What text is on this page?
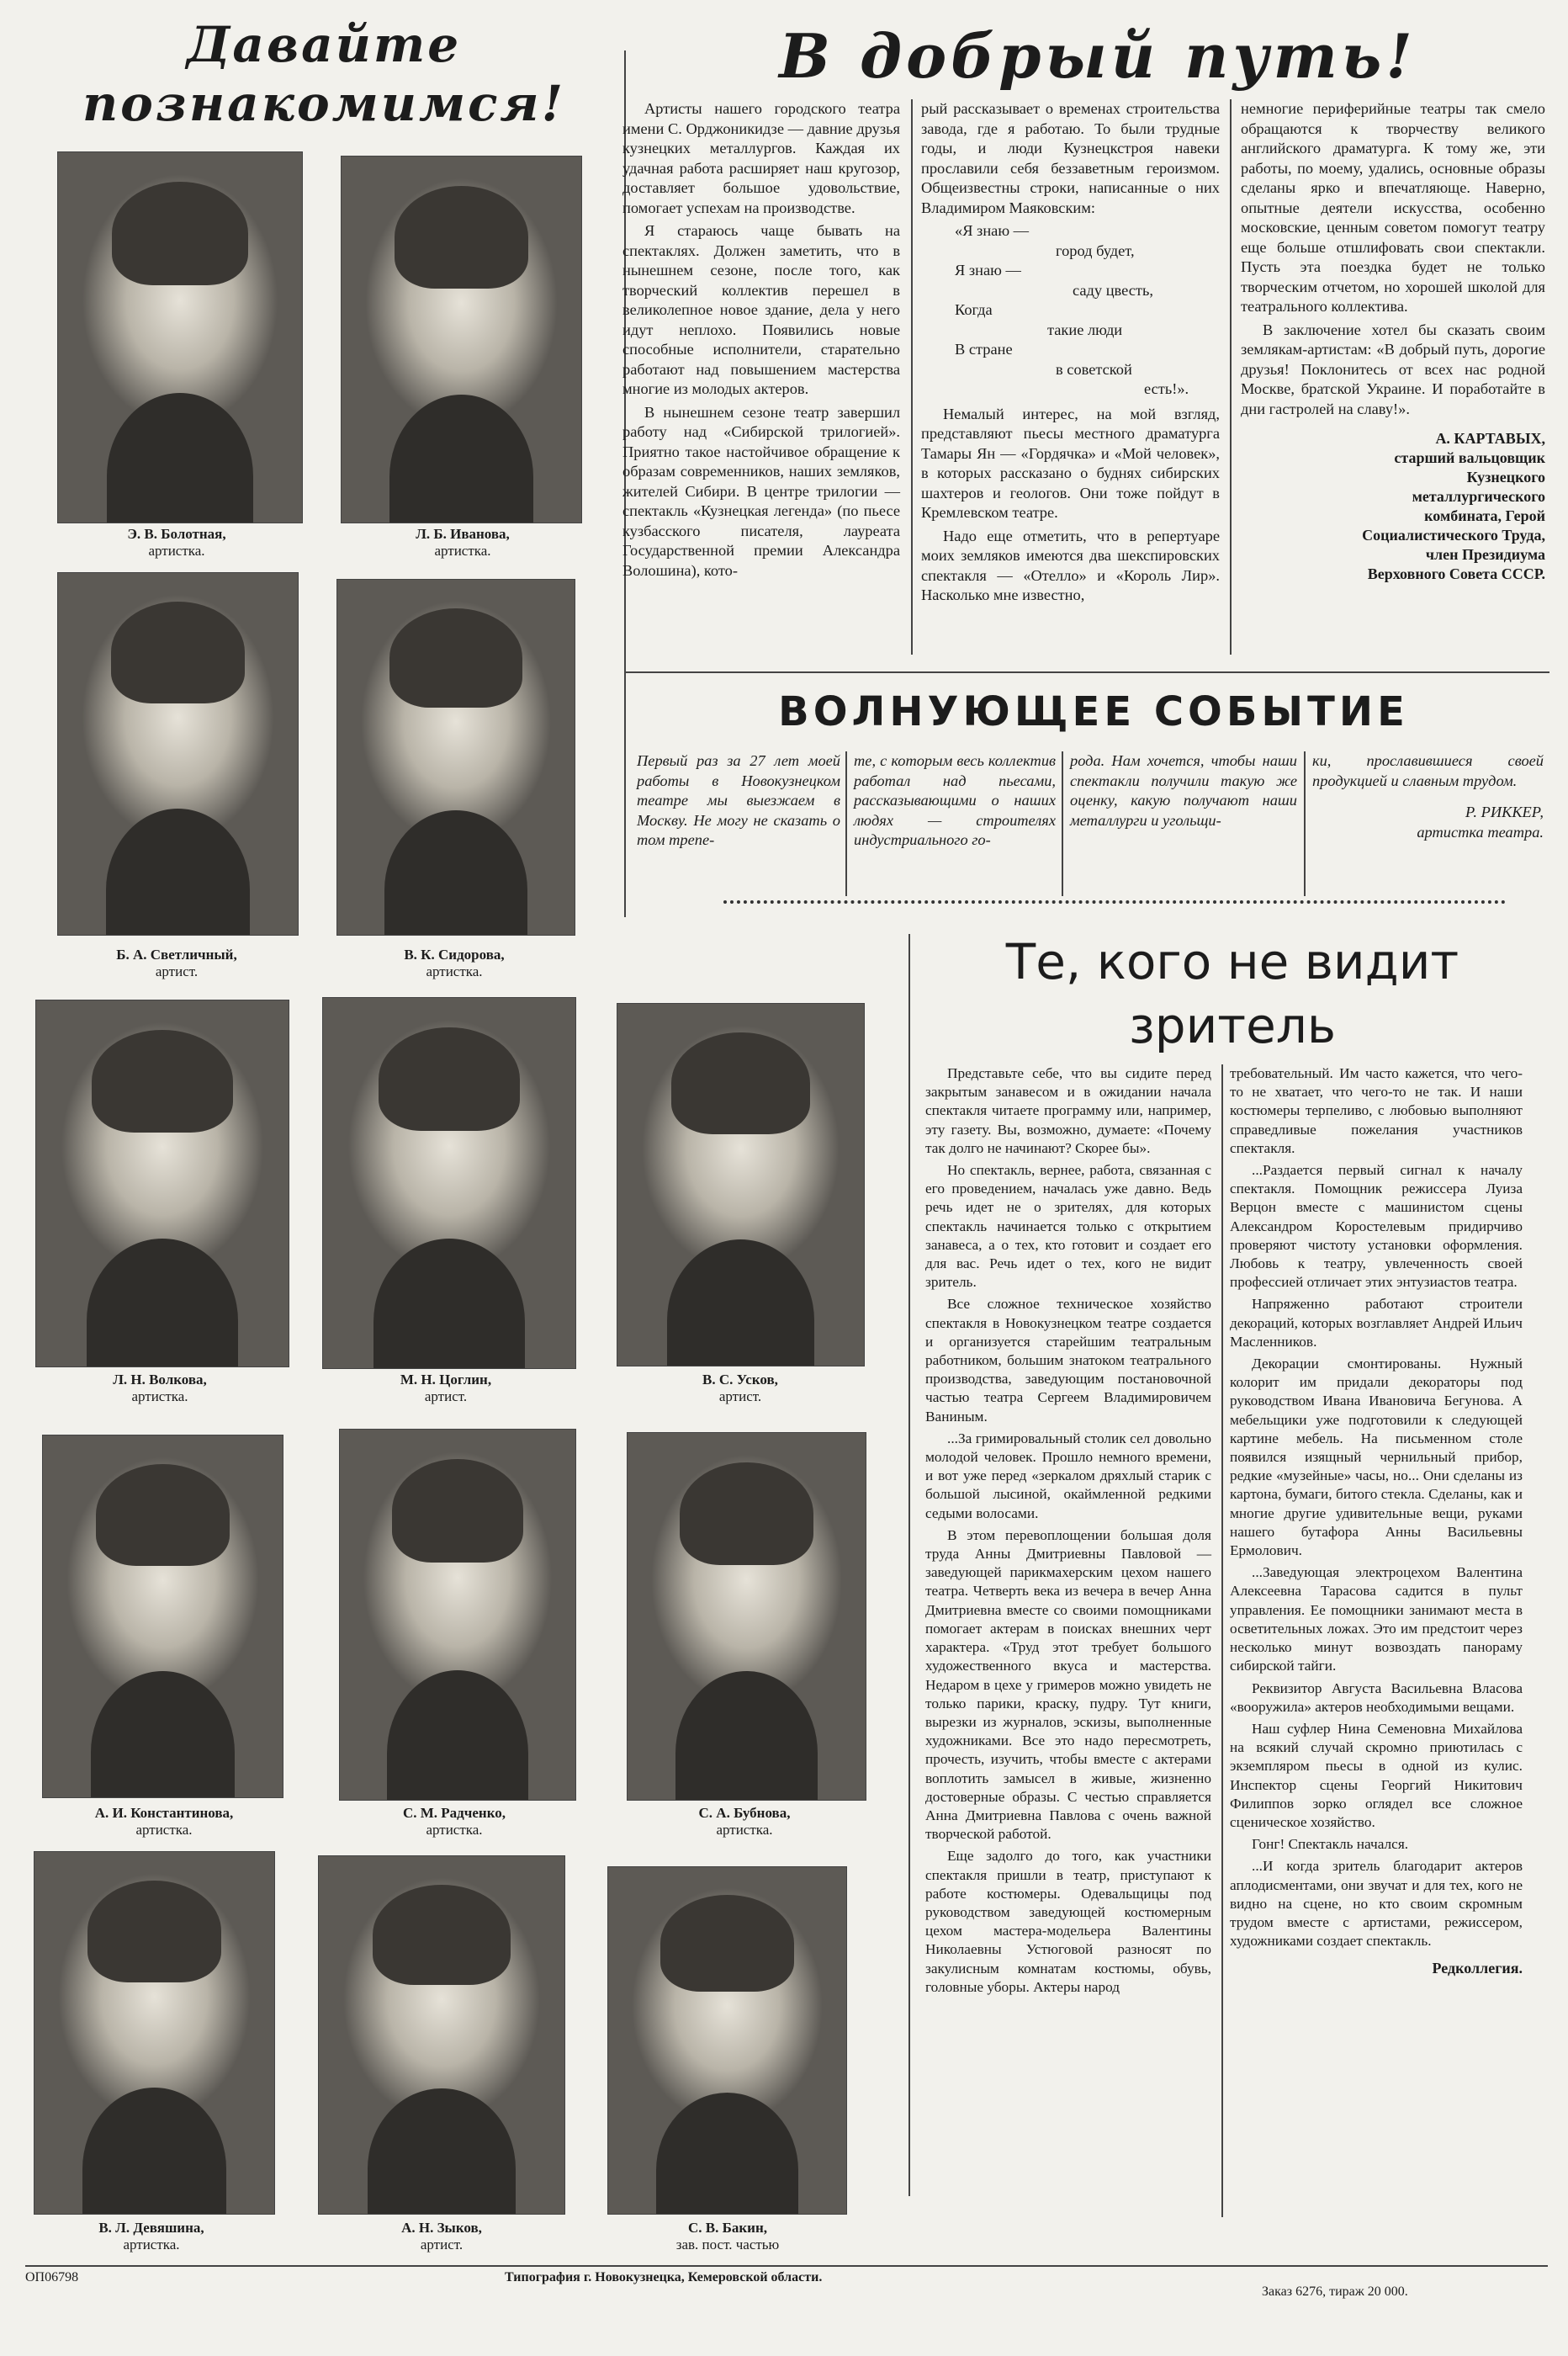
Давайте
познакомимся!
Э. В. Болотная,
артистка.
Л. Б. Иванова,
артистка.
Б. А. Светличный,
артист.
В. К. Сидорова,
артистка.
Л. Н. Волкова,
артистка.
М. Н. Цоглин,
артист.
В. С. Усков,
артист.
А. И. Константинова,
артистка.
С. М. Радченко,
артистка.
С. А. Бубнова,
артистка.
В. Л. Девяшина,
артистка.
А. Н. Зыков,
артист.
С. В. Бакин,
зав. пост. частью
В добрый путь!

Артисты нашего городского театра имени С. Орджоникидзе — давние друзья кузнецких металлургов. Каждая их удачная работа расширяет наш кругозор, доставляет большое удовольствие, помогает успехам на производстве.

Я стараюсь чаще бывать на спектаклях. Должен заметить, что в нынешнем сезоне, после того, как творческий коллектив перешел в великолепное новое здание, дела у него идут неплохо. Появились новые способные исполнители, старательно работают над повышением мастерства многие из молодых актеров.

В нынешнем сезоне театр завершил работу над «Сибирской трилогией». Приятно такое настойчивое обращение к образам современников, наших земляков, жителей Сибири. В центре трилогии — спектакль «Кузнецкая легенда» (по пьесе кузбасского писателя, лауреата Государственной премии Александра Волошина), кото-

рый рассказывает о временах строительства завода, где я работаю. То были трудные годы, и люди Кузнецкстроя навеки прославили себя беззаветным героизмом. Общеизвестны строки, написанные о них Владимиром Маяковским:

«Я знаю —
город будет,
Я знаю —
саду цвесть,
Когда
такие люди
В стране
в советской
есть!».

Немалый интерес, на мой взгляд, представляют пьесы местного драматурга Тамары Ян — «Гордячка» и «Мой человек», в которых рассказано о буднях сибирских шахтеров и геологов. Они тоже пойдут в Кремлевском театре.

Надо еще отметить, что в репертуаре моих земляков имеются два шекспировских спектакля — «Отелло» и «Король Лир». Насколько мне известно,

немногие периферийные театры так смело обращаются к творчеству великого английского драматурга. К тому же, эти работы, по моему, удались, основные образы сделаны ярко и впечатляюще. Наверно, опытные деятели искусства, особенно московские, ценным советом помогут театру еще больше отшлифовать свои спектакли. Пусть эта поездка будет не только творческим отчетом, но хорошей школой для театрального коллектива.

В заключение хотел бы сказать своим землякам-артистам: «В добрый путь, дорогие друзья! Поклонитесь от всех нас родной Москве, братской Украине. И поработайте в дни гастролей на славу!».

А. КАРТАВЫХ,
старший вальцовщик
Кузнецкого
металлургического
комбината, Герой
Социалистического Труда,
член Президиума
Верховного Совета СССР.
ВОЛНУЮЩЕЕ СОБЫТИЕ

Первый раз за 27 лет моей работы в Новокузнецком театре мы выезжаем в Москву. Не могу не сказать о том трепе-

те, с которым весь коллектив работал над пьесами, рассказывающими о наших людях — строителях индустриального го-

рода. Нам хочется, чтобы наши спектакли получили такую же оценку, какую получают наши металлурги и угольщи-

ки, прославившиеся своей продукцией и славным трудом.

Р. РИККЕР,
артистка театра.
Те, кого не видит
зритель

Представьте себе, что вы сидите перед закрытым занавесом и в ожидании начала спектакля читаете программу или, например, эту газету. Вы, возможно, думаете: «Почему так долго не начинают? Скорее бы».

Но спектакль, вернее, работа, связанная с его проведением, началась уже давно. Ведь речь идет не о зрителях, для которых спектакль начинается только с открытием занавеса, а о тех, кто готовит и создает его для вас. Речь идет о тех, кого не видит зритель.

Все сложное техническое хозяйство спектакля в Новокузнецком театре создается и организуется старейшим театральным работником, большим знатоком театрального производства, заведующим постановочной частью театра Сергеем Владимировичем Ваниным.

...За гримировальный столик сел довольно молодой человек. Прошло немного времени, и вот уже перед «зеркалом дряхлый старик с большой лысиной, окаймленной редкими седыми волосами.

В этом перевоплощении большая доля труда Анны Дмитриевны Павловой — заведующей парикмахерским цехом нашего театра. Четверть века из вечера в вечер Анна Дмитриевна вместе со своими помощниками помогает актерам в поисках внешних черт характера. «Труд этот требует большого художественного вкуса и мастерства. Недаром в цехе у гримеров можно увидеть не только парики, краску, пудру. Тут книги, вырезки из журналов, эскизы, выполненные художниками. Все это надо пересмотреть, прочесть, изучить, чтобы вместе с актерами воплотить замысел в живые, жизненно достоверные образы. С честью справляется Анна Дмитриевна Павлова с очень важной творческой работой.

Еще задолго до того, как участники спектакля пришли в театр, приступают к работе костюмеры. Одевальщицы под руководством заведующей костюмерным цехом мастера-модельера Валентины Николаевны Устюговой разносят по закулисным комнатам костюмы, обувь, головные уборы. Актеры народ

требовательный. Им часто кажется, что чего-то не хватает, что чего-то не так. И наши костюмеры терпеливо, с любовью выполняют справедливые пожелания участников спектакля.

...Раздается первый сигнал к началу спектакля. Помощник режиссера Луиза Верцон вместе с машинистом сцены Александром Коростелевым придирчиво проверяют чистоту установки оформления. Любовь к театру, увлеченность своей профессией отличает этих энтузиастов театра.

Напряженно работают строители декораций, которых возглавляет Андрей Ильич Масленников.

Декорации смонтированы. Нужный колорит им придали декораторы под руководством Ивана Ивановича Бегунова. А мебельщики уже подготовили к следующей картине мебель. На письменном столе появился изящный чернильный прибор, редкие «музейные» часы, но... Они сделаны из картона, бумаги, битого стекла. Сделаны, как и многие другие удивительные вещи, руками нашего бутафора Анны Васильевны Ермолович.

...Заведующая электроцехом Валентина Алексеевна Тарасова садится в пульт управления. Ее помощники занимают места в осветительных ложах. Это им предстоит через несколько минут возвоздать панораму сибирской тайги.

Реквизитор Августа Васильевна Власова «вооружила» актеров необходимыми вещами.

Наш суфлер Нина Семеновна Михайлова на всякий случай скромно приютилась с экземпляром пьесы в одной из кулис. Инспектор сцены Георгий Никитович Филиппов зорко оглядел все сложное сценическое хозяйство.

Гонг! Спектакль начался.

...И когда зритель благодарит актеров аплодисментами, они звучат и для тех, кого не видно на сцене, но кто своим скромным трудом вместе с артистами, режиссером, художниками создает спектакль.

Редколлегия.
ОП06798	Типография г. Новокузнецка, Кемеровской области.
Заказ 6276, тираж 20 000.
